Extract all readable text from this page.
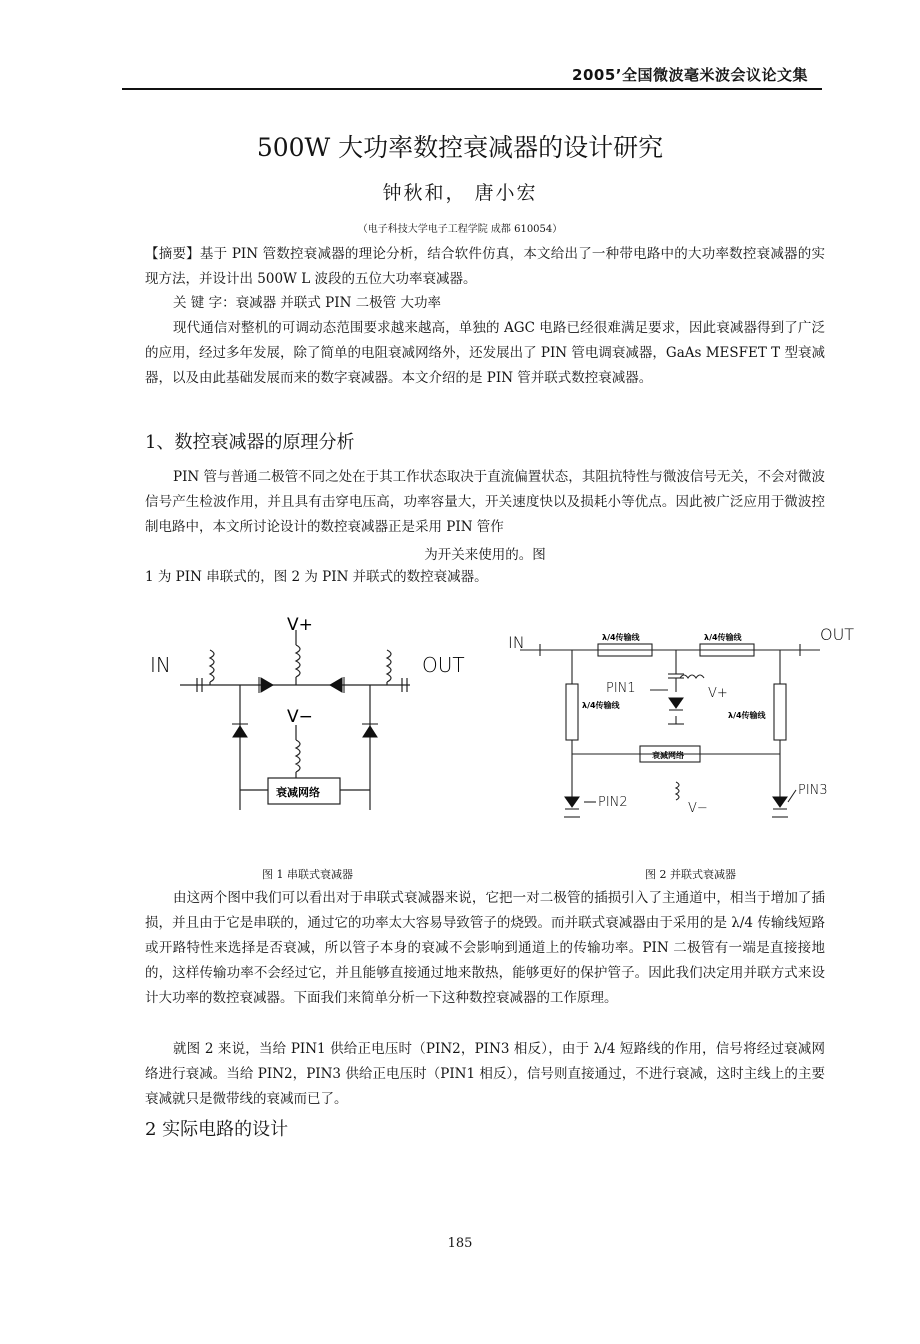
2005’全国微波毫米波会议论文集
500W 大功率数控衰减器的设计研究
钟秋和， 唐小宏
（电子科技大学电子工程学院 成都 610054）
【摘要】基于 PIN 管数控衰减器的理论分析，结合软件仿真，本文给出了一种带电路中的大功率数控衰减器的实现方法，并设计出 500W L 波段的五位大功率衰减器。
关 键 字：衰减器 并联式 PIN 二极管 大功率
现代通信对整机的可调动态范围要求越来越高，单独的 AGC 电路已经很难满足要求，因此衰减器得到了广泛的应用，经过多年发展，除了简单的电阻衰减网络外，还发展出了 PIN 管电调衰减器，GaAs MESFET T 型衰减器，以及由此基础发展而来的数字衰减器。本文介绍的是 PIN 管并联式数控衰减器。
1、数控衰减器的原理分析
PIN 管与普通二极管不同之处在于其工作状态取决于直流偏置状态，其阻抗特性与微波信号无关，不会对微波信号产生检波作用，并且具有击穿电压高，功率容量大，开关速度快以及损耗小等优点。因此被广泛应用于微波控制电路中，本文所讨论设计的数控衰减器正是采用 PIN 管作
为开关来使用的。图
1 为 PIN 串联式的，图 2 为 PIN 并联式的数控衰减器。
V+
V−
IN	OUT
衰减网络
IN	OUT
λ/4传输线	λ/4传输线
λ/4传输线
λ/4传输线
PIN1	V+
衰减网络
PIN2	V−
PIN3
图 1 串联式衰减器	图 2 并联式衰减器
由这两个图中我们可以看出对于串联式衰减器来说，它把一对二极管的插损引入了主通道中，相当于增加了插损，并且由于它是串联的，通过它的功率太大容易导致管子的烧毁。而并联式衰减器由于采用的是 λ/4 传输线短路或开路特性来选择是否衰减，所以管子本身的衰减不会影响到通道上的传输功率。PIN 二极管有一端是直接接地的，这样传输功率不会经过它，并且能够直接通过地来散热，能够更好的保护管子。因此我们决定用并联方式来设计大功率的数控衰减器。下面我们来简单分析一下这种数控衰减器的工作原理。
就图 2 来说，当给 PIN1 供给正电压时（PIN2，PIN3 相反），由于 λ/4 短路线的作用，信号将经过衰减网络进行衰减。当给 PIN2，PIN3 供给正电压时（PIN1 相反），信号则直接通过，不进行衰减，这时主线上的主要衰减就只是微带线的衰减而已了。
2 实际电路的设计
185
